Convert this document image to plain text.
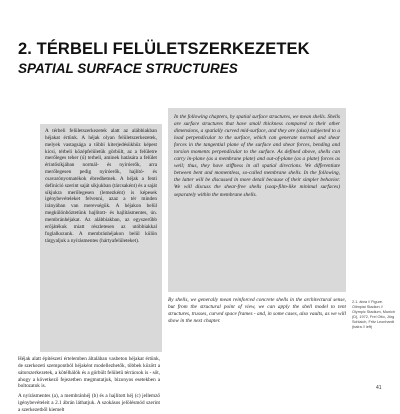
2. TÉRBELI FELÜLETSZERKEZETEK
SPATIAL SURFACE STRUCTURES

A térbeli felületszerkezetek alatt az alábbiakban héjakat értünk. A héjak olyan felületszerkezetek, melyek vastagsága a többi kiterjedésükhöz képest kicsi, térbeli középfelületük görbült, az a felületre merőleges teher (ú) terheli, aminek hatására a felület érintősíkjában normál- és nyíróerők, arra merőlegesen pedig nyíróerők, hajlító- és csavarónyomatékok ébredhetnek. A héjak a fenti definíció szerint saját síkjukban (tárcsaként) és a saját síkjukra merőlegesen (lemezként) is képesek igénybevételeket felvenni, azaz a tér minden irányában van merevségük. A héjakon belül megkülönböztetünk hajlított- és hajlításmentes, ún. membránhéjakat. Az alábbiakban, az egyszerűbb erőjátékuk miatt részletesen az utóbbiakkal foglalkozunk. A membránhéjakon belül külön tárgyaljuk a nyírásmentes (hártyafelületeket).

In the following chapters, by spatial surface structures, we mean shells. Shells are surface structures that have small thickness compared to their other dimensions, a spatially curved mid-surface, and they are (also) subjected to a load perpendicular to the surface, which can generate normal and shear forces in the tangential plane of the surface and shear forces, bending and torsion moments perpendicular to the surface. As defined above, shells can carry in-plane (as a membrane plate) and out-of-plane (as a plate) forces as well; thus, they have stiffness in all spatial directions. We differentiate between bent and momentless, so-called membrane shells. In the following, the latter will be discussed in more detail because of their simpler behavior. We will discuss the shear-free shells (soap-film-like minimal surfaces) separately within the membrane shells.

Héjak alatt építészeti értelemben általában vasbeton héjakat értünk, de szerkezeti szempontból héjaként modellezhetők, többek között a sátorszerkezetek, a kötélhálók és a görbült felületű térrácsok is - sőt, ahogy a következő fejezetben megmutatjuk, bizonyos esetekben a boltozatok is.

A nyírásmentes (a), a membránhéj (b) és a hajlított héj (c) jellemző igénybevételeit a 2.1 ábrán láthatjuk. A szokásos jelölésmód szerint a szerkezetből kiemelt

By shells, we generally mean reinforced concrete shells in the architectural sense, but from the structural point of view, we can apply the shell model to tent structures, trusses, curved space frames - and, in some cases, also vaults, as we will show in the next chapter.

2.1. ábra // Figure. Olimpiai Stadion // Olympic Stadium, Munich (D), 1972, Frei Otto, Jörg Schlaich, Fritz Leonhardt (balra // left)
41
